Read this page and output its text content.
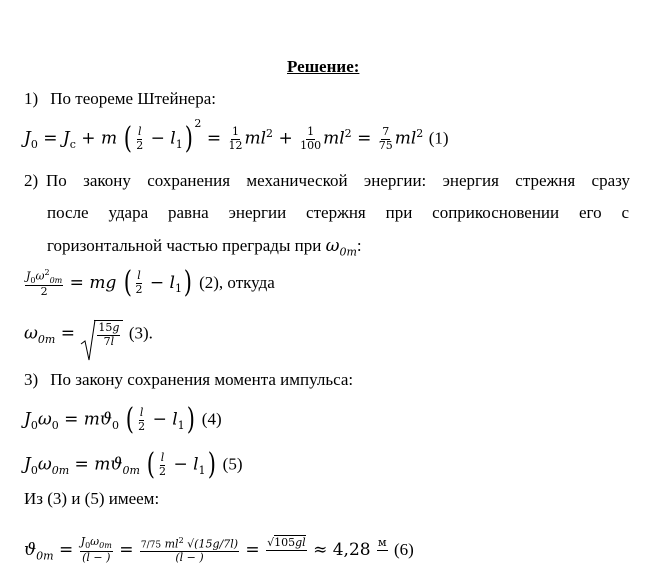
Решение:
1) По теореме Штейнера:
$J_0 = J_c + m$ ( $\frac{l}{2} - l_1$) $^2 = \frac{1}{12} ml^2 + \frac{1}{100} ml^2 = \frac{7}{75} ml^2$ (1)
2) По закону сохранения механической энергии: энергия стрежня сразу
после удара равна энергии стержня при соприкосновении его с
горизонтальной частью преграды при $\omega_{0m}$:
$\frac{J_0\omega^2_{0m}}{2}$ = mg ( $\frac{l}{2} - l_1$) (2), откуда
$\omega_{0m} = \frac{15g}{7l} (3)$.
3) По закону сохранения момента импульса:
$J_0\omega_0 = mϑ_0$ ( $\frac{l}{2} - l_1$) (4)
$J_0\omega_{0m} = mϑ_{0m}$ ( $\frac{l}{2} - l_1$) (5)
Из (3) и (5) имеем:
$ϑ_{0m} = \frac{J_0\omega_{0m}}{(l - )} = \frac{7/75 ml^2 √(15g/7l)}{(l - )} = √105gl$
≈ 4,28 м
(6)
